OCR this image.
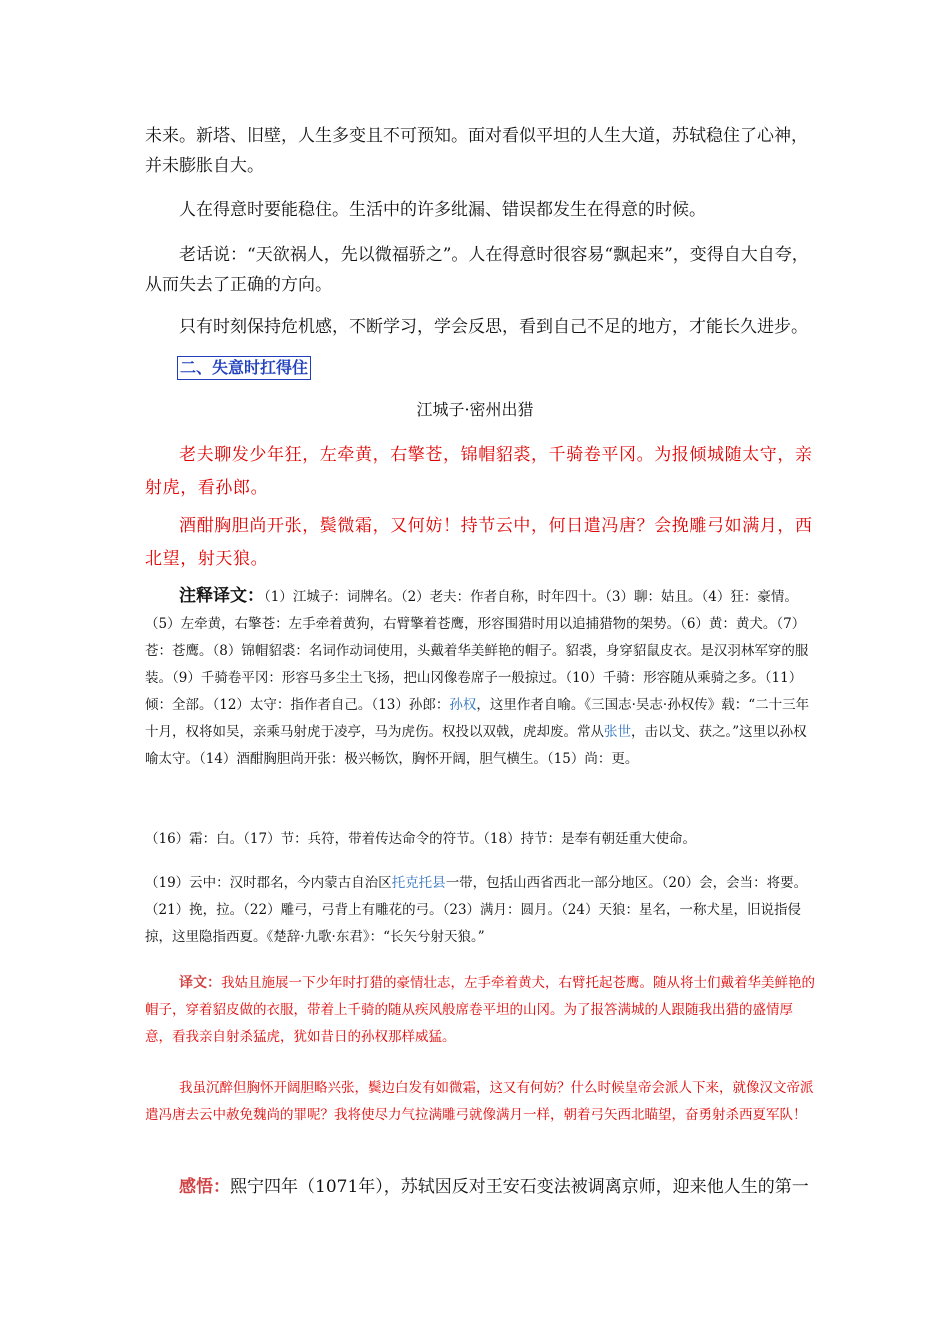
未来。新塔、旧壁，人生多变且不可预知。面对看似平坦的人生大道，苏轼稳住了心神，并未膨胀自大。
人在得意时要能稳住。生活中的许多纰漏、错误都发生在得意的时候。
老话说：“天欲祸人，先以微福骄之”。人在得意时很容易“飘起来”，变得自大自夸，从而失去了正确的方向。
只有时刻保持危机感，不断学习，学会反思，看到自己不足的地方，才能长久进步。
二、失意时扛得住
江城子·密州出猎
老夫聊发少年狂，左牵黄，右擎苍，锦帽貂裘，千骑卷平冈。为报倾城随太守，亲射虎，看孙郎。
酒酣胸胆尚开张，鬓微霜，又何妨！持节云中，何日遣冯唐？会挽雕弓如满月，西北望，射天狼。
注释译文：（1）江城子：词牌名。（2）老夫：作者自称，时年四十。（3）聊：姑且。（4）狂：豪情。（5）左牵黄，右擎苍：左手牵着黄狗，右臂擎着苍鹰，形容围猎时用以追捕猎物的架势。（6）黄：黄犬。（7）苍：苍鹰。（8）锦帽貂裘：名词作动词使用，头戴着华美鲜艳的帽子。貂裘，身穿貂鼠皮衣。是汉羽林军穿的服装。（9）千骑卷平冈：形容马多尘土飞扬，把山冈像卷席子一般掠过。（10）千骑：形容随从乘骑之多。（11）倾：全部。（12）太守：指作者自己。（13）孙郎：孙权，这里作者自喻。《三国志·吴志·孙权传》载：“二十三年十月，权将如吴，亲乘马射虎于凌亭，马为虎伤。权投以双戟，虎却废。常从张世，击以戈、获之。”这里以孙权喻太守。（14）酒酣胸胆尚开张：极兴畅饮，胸怀开阔，胆气横生。（15）尚：更。
（16）霜：白。（17）节：兵符，带着传达命令的符节。（18）持节：是奉有朝廷重大使命。
（19）云中：汉时郡名，今内蒙古自治区托克托县一带，包括山西省西北一部分地区。（20）会，会当：将要。（21）挽，拉。（22）雕弓，弓背上有雕花的弓。（23）满月：圆月。（24）天狼：星名，一称犬星，旧说指侵掠，这里隐指西夏。《楚辞·九歌·东君》：“长矢兮射天狼。”
译文：我姑且施展一下少年时打猎的豪情壮志，左手牵着黄犬，右臂托起苍鹰。随从将士们戴着华美鲜艳的帽子，穿着貂皮做的衣服，带着上千骑的随从疾风般席卷平坦的山冈。为了报答满城的人跟随我出猎的盛情厚意，看我亲自射杀猛虎，犹如昔日的孙权那样威猛。
我虽沉醉但胸怀开阔胆略兴张，鬓边白发有如微霜，这又有何妨？什么时候皇帝会派人下来，就像汉文帝派遣冯唐去云中赦免魏尚的罪呢？我将使尽力气拉满雕弓就像满月一样，朝着弓矢西北瞄望，奋勇射杀西夏军队！
感悟：熙宁四年（1071年），苏轼因反对王安石变法被调离京师，迎来他人生的第一
